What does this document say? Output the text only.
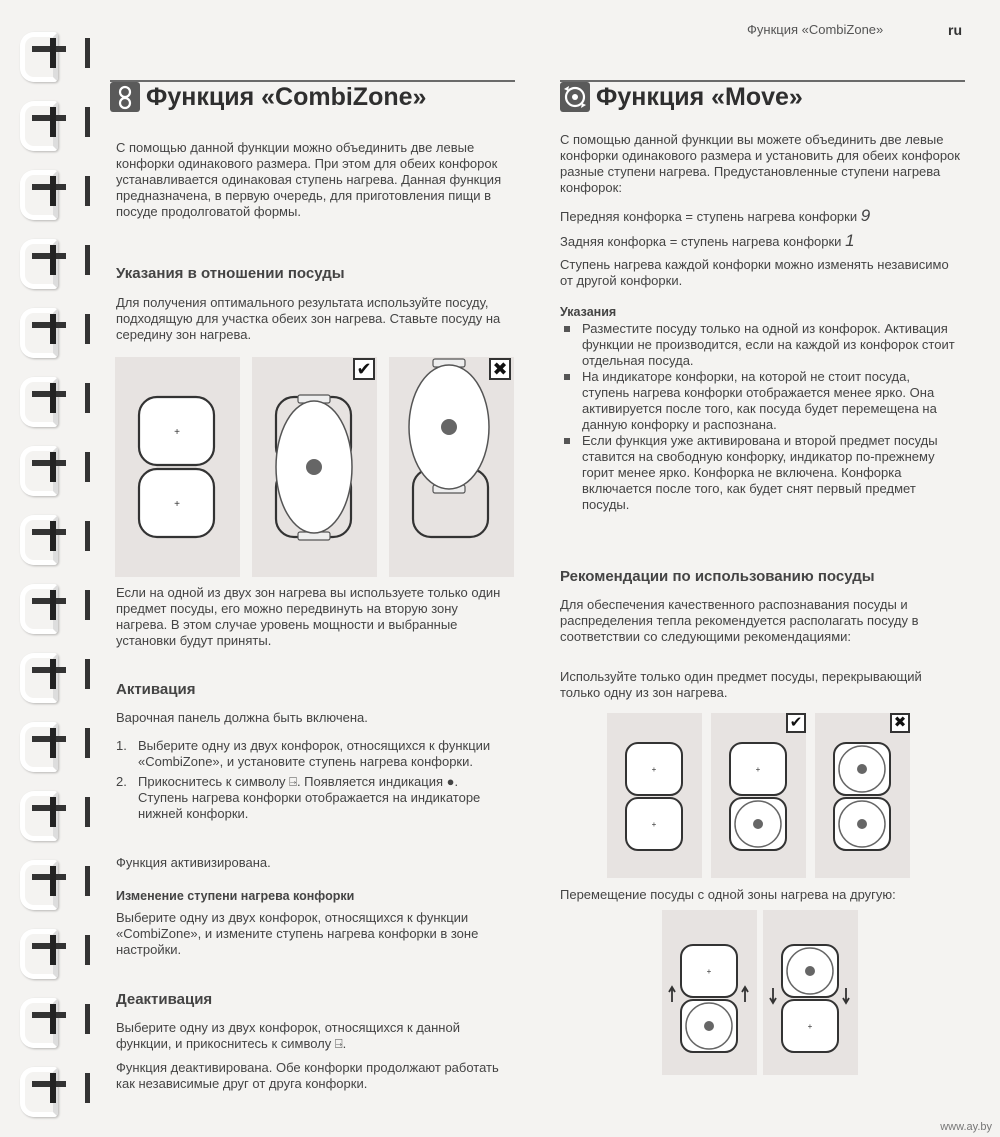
Функция «CombiZone»	ru
Функция «CombiZone»

С помощью данной функции можно объединить две левые конфорки одинакового размера. При этом для обеих конфорок устанавливается одинаковая ступень нагрева. Данная функция предназначена, в первую очередь, для приготовления пищи в посуде продолговатой формы.

Указания в отношении посуды

Для получения оптимального результата используйте посуду, подходящую для участка обеих зон нагрева. Ставьте посуду на середину зон нагрева.

+
+
✔	✖

Если на одной из двух зон нагрева вы используете только один предмет посуды, его можно передвинуть на вторую зону нагрева. В этом случае уровень мощности и выбранные установки будут приняты.

Активация

Варочная панель должна быть включена.

1. Выберите одну из двух конфорок, относящихся к функции «CombiZone», и установите ступень нагрева конфорки.
2. Прикоснитесь к символу ⍈. Появляется индикация ●.
Ступень нагрева конфорки отображается на индикаторе нижней конфорки.

Функция активизирована.

Изменение ступени нагрева конфорки

Выберите одну из двух конфорок, относящихся к функции «CombiZone», и измените ступень нагрева конфорки в зоне настройки.

Деактивация

Выберите одну из двух конфорок, относящихся к данной функции, и прикоснитесь к символу ⍈.

Функция деактивирована. Обе конфорки продолжают работать как независимые друг от друга конфорки.

Функция «Move»

С помощью данной функции вы можете объединить две левые конфорки одинакового размера и установить для обеих конфорок разные ступени нагрева. Предустановленные ступени нагрева конфорок:

Передняя конфорка = ступень нагрева конфорки 9

Задняя конфорка = ступень нагрева конфорки 1

Ступень нагрева каждой конфорки можно изменять независимо от другой конфорки.

Указания
Разместите посуду только на одной из конфорок. Активация функции не производится, если на каждой из конфорок стоит отдельная посуда.
На индикаторе конфорки, на которой не стоит посуда, ступень нагрева конфорки отображается менее ярко. Она активируется после того, как посуда будет перемещена на данную конфорку и распознана.
Если функция уже активирована и второй предмет посуды ставится на свободную конфорку, индикатор по-прежнему горит менее ярко. Конфорка не включена. Конфорка включается после того, как будет снят первый предмет посуды.
Рекомендации по использованию посуды

Для обеспечения качественного распознавания посуды и распределения тепла рекомендуется располагать посуду в соответствии со следующими рекомендациями:

Используйте только один предмет посуды, перекрывающий только одну из зон нагрева.

+
+
+
✔	✖

Перемещение посуды с одной зоны нагрева на другую:

+
+
www.ay.by
